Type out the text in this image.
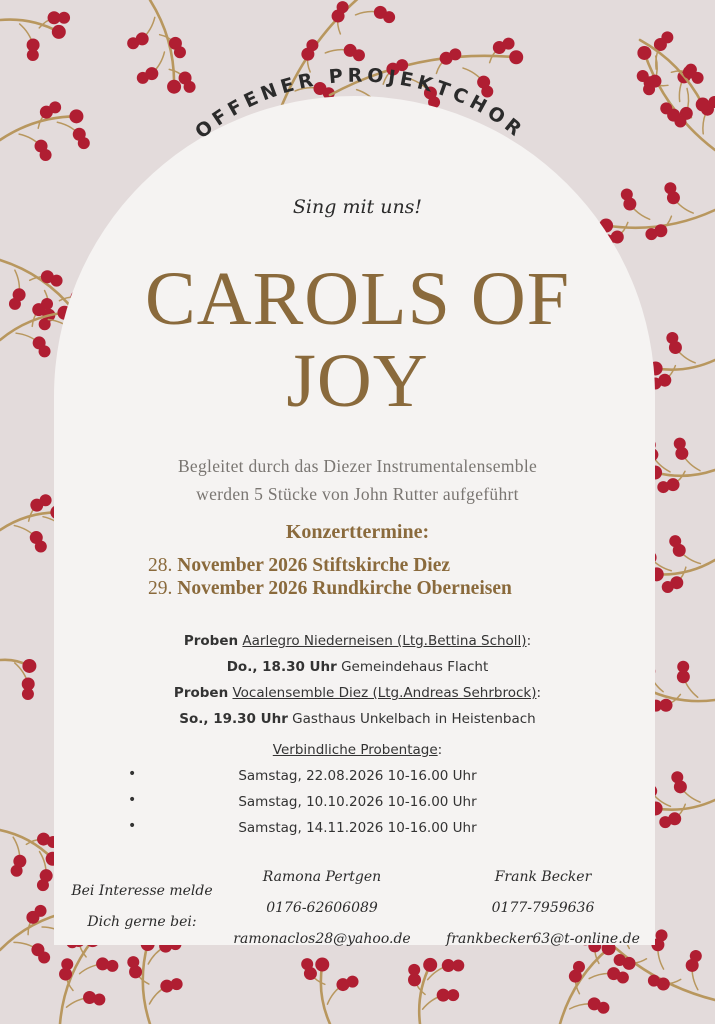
OFFENER PROJEKTCHOR
Sing mit uns!
CAROLS OF
JOY
Begleitet durch das Diezer Instrumentalensemble
werden 5 Stücke von John Rutter aufgeführt
Konzerttermine:
28. November 2026 Stiftskirche Diez
29. November 2026 Rundkirche Oberneisen
Proben Aarlegro Niederneisen (Ltg.Bettina Scholl):
Do., 18.30 Uhr Gemeindehaus Flacht
Proben Vocalensemble Diez (Ltg.Andreas Sehrbrock):
So., 19.30 Uhr Gasthaus Unkelbach in Heistenbach
Verbindliche Probentage:
•	Samstag, 22.08.2026 10-16.00 Uhr
•	Samstag, 10.10.2026 10-16.00 Uhr
•	Samstag, 14.11.2026 10-16.00 Uhr
Bei Interesse melde
Dich gerne bei:
Ramona Pertgen
0176-62606089
ramonaclos28@yahoo.de
Frank Becker
0177-7959636
frankbecker63@t-online.de
